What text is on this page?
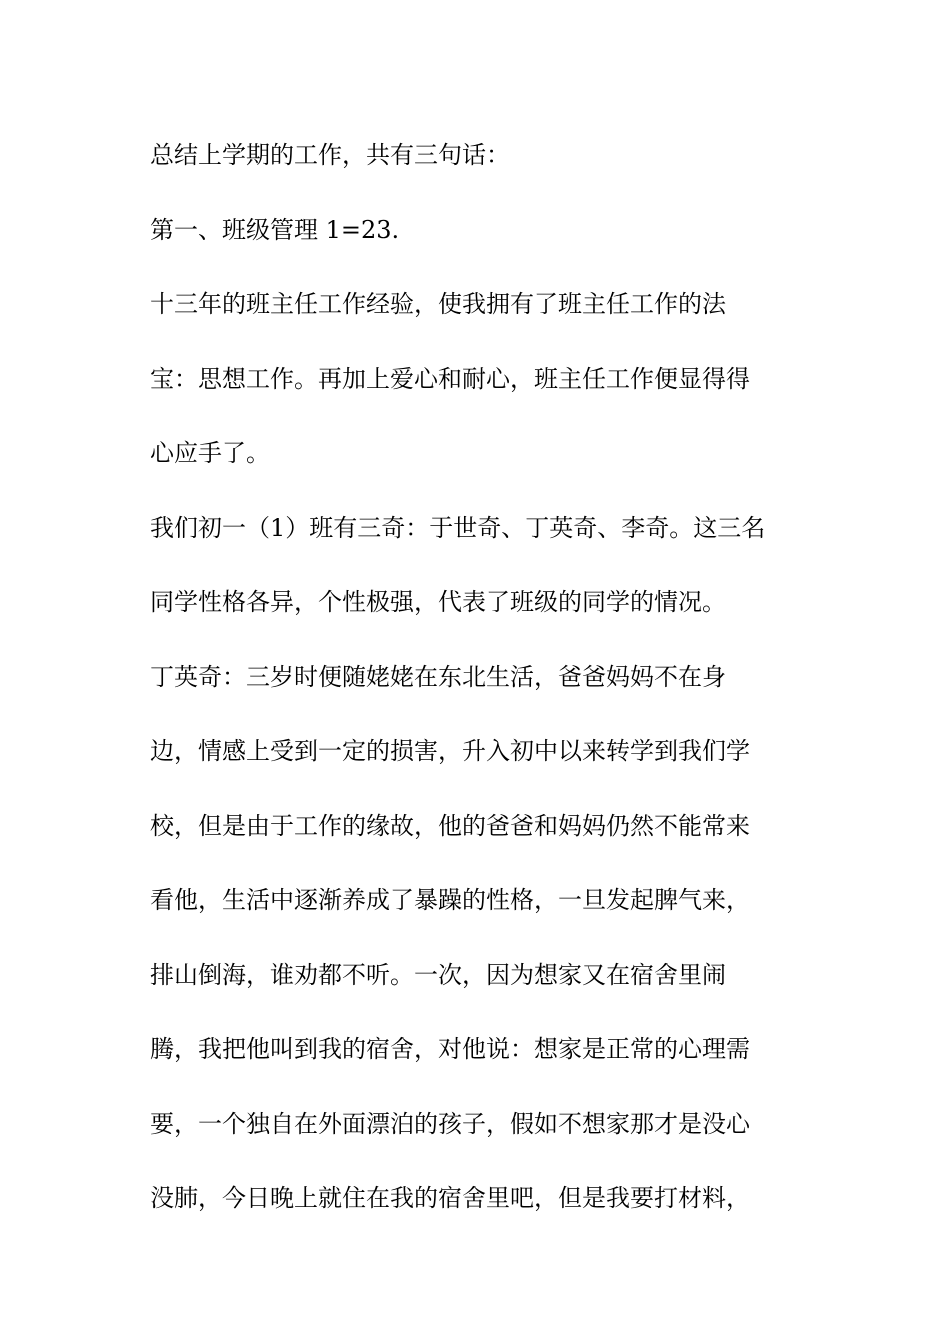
总结上学期的工作，共有三句话：
第一、班级管理 1=23.
十三年的班主任工作经验，使我拥有了班主任工作的法
宝：思想工作。再加上爱心和耐心，班主任工作便显得得
心应手了。
我们初一（1）班有三奇：于世奇、丁英奇、李奇。这三名
同学性格各异，个性极强，代表了班级的同学的情况。
丁英奇：三岁时便随姥姥在东北生活，爸爸妈妈不在身
边，情感上受到一定的损害，升入初中以来转学到我们学
校，但是由于工作的缘故，他的爸爸和妈妈仍然不能常来
看他，生活中逐渐养成了暴躁的性格，一旦发起脾气来，
排山倒海，谁劝都不听。一次，因为想家又在宿舍里闹
腾，我把他叫到我的宿舍，对他说：想家是正常的心理需
要，一个独自在外面漂泊的孩子，假如不想家那才是没心
没肺，今日晚上就住在我的宿舍里吧，但是我要打材料，
